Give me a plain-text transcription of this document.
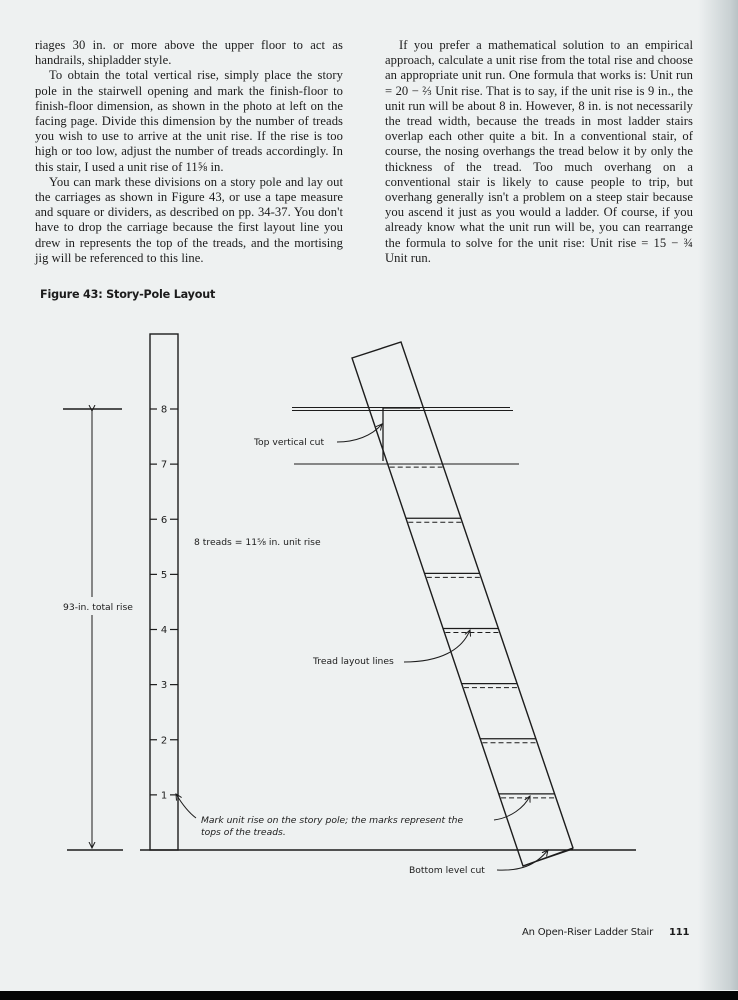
riages 30 in. or more above the upper floor to act as handrails, shipladder style.

To obtain the total vertical rise, simply place the story pole in the stairwell opening and mark the finish-floor to finish-floor dimension, as shown in the photo at left on the facing page. Divide this dimension by the number of treads you wish to use to arrive at the unit rise. If the rise is too high or too low, adjust the number of treads accordingly. In this stair, I used a unit rise of 11⅝ in.

You can mark these divisions on a story pole and lay out the carriages as shown in Figure 43, or use a tape measure and square or dividers, as described on pp. 34-37. You don't have to drop the carriage because the first layout line you drew in represents the top of the treads, and the mortising jig will be referenced to this line.

If you prefer a mathematical solution to an empirical approach, calculate a unit rise from the total rise and choose an appropriate unit run. One formula that works is: Unit run = 20 − ⅔ Unit rise. That is to say, if the unit rise is 9 in., the unit run will be about 8 in. However, 8 in. is not necessarily the tread width, because the treads in most ladder stairs overlap each other quite a bit. In a conventional stair, of course, the nosing overhangs the tread below it by only the thickness of the tread. Too much overhang on a conventional stair is likely to cause people to trip, but overhang generally isn't a problem on a steep stair because you ascend it just as you would a ladder. Of course, if you already know what the unit run will be, you can rearrange the formula to solve for the unit rise: Unit rise = 15 − ¾ Unit run.

Figure 43: Story-Pole Layout
8
7
6
5
4
3
2
1
93-in. total rise
8 treads = 11⅝ in. unit rise
Top vertical cut
Tread layout lines
Mark unit rise on the story pole; the marks represent the
tops of the treads.
Bottom level cut
An Open-Riser Ladder Stair 111
